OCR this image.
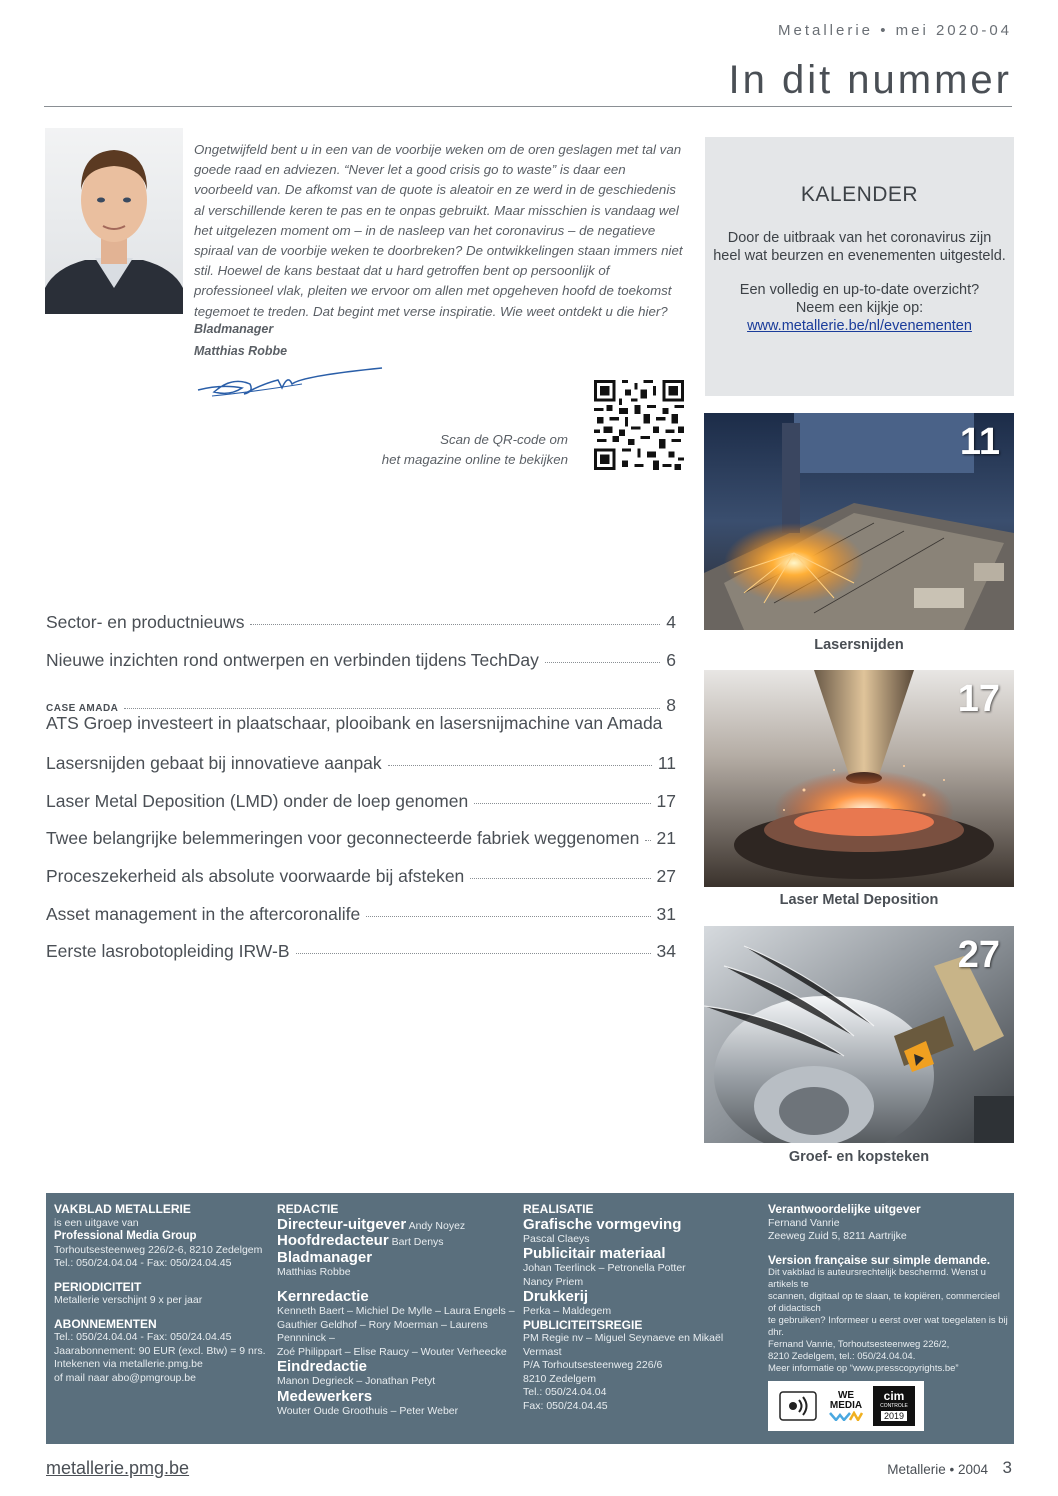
Metallerie • mei 2020-04
In dit nummer

Ongetwijfeld bent u in een van de voorbije weken om de oren geslagen met tal van goede raad en adviezen. “Never let a good crisis go to waste” is daar een voorbeeld van. De afkomst van de quote is aleatoir en ze werd in de geschiedenis al verschillende keren te pas en te onpas gebruikt. Maar misschien is vandaag wel het uitgelezen moment om – in de nasleep van het coronavirus – de negatieve spiraal van de voorbije weken te doorbreken? De ontwikkelingen staan immers niet stil. Hoewel de kans bestaat dat u hard getroffen bent op persoonlijk of professioneel vlak, pleiten we ervoor om allen met opgeheven hoofd de toekomst tegemoet te treden. Dat begint met verse inspiratie. Wie weet ontdekt u die hier?

Bladmanager
Matthias Robbe
Scan de QR-code om
het magazine online te bekijken
KALENDER
Door de uitbraak van het coronavirus zijn
heel wat beurzen en evenementen uitgesteld.
Een volledig en up-to-date overzicht?
Neem een kijkje op:
www.metallerie.be/nl/evenementen
11
Lasersnijden
17
Laser Metal Deposition
27
Groef- en kopsteken
Sector- en productnieuws	4
Nieuwe inzichten rond ontwerpen en verbinden tijdens TechDay	6
CASE AMADA	8
ATS Groep investeert in plaatschaar, plooibank en lasersnijmachine van Amada
Lasersnijden gebaat bij innovatieve aanpak	11
Laser Metal Deposition (LMD) onder de loep genomen	17
Twee belangrijke belemmeringen voor geconnecteerde fabriek weggenomen 21
Proceszekerheid als absolute voorwaarde bij afsteken	27
Asset management in the aftercoronalife	31
Eerste lasrobotopleiding IRW-B	34
VAKBLAD METALLERIE
is een uitgave van
Professional Media Group
Torhoutsesteenweg 226/2-6, 8210 Zedelgem
Tel.: 050/24.04.04 - Fax: 050/24.04.45
PERIODICITEIT
Metallerie verschijnt 9 x per jaar
ABONNEMENTEN
Tel.: 050/24.04.04 - Fax: 050/24.04.45
Jaarabonnement: 90 EUR (excl. Btw) = 9 nrs.
Intekenen via metallerie.pmg.be
of mail naar abo@pmgroup.be
REDACTIE
Directeur-uitgever Andy Noyez
Hoofdredacteur Bart Denys
Bladmanager
Matthias Robbe
Kernredactie
Kenneth Baert – Michiel De Mylle – Laura Engels –
Gauthier Geldhof – Rory Moerman – Laurens Pennninck –
Zoé Philippart – Elise Raucy – Wouter Verheecke
Eindredactie
Manon Degrieck – Jonathan Petyt
Medewerkers
Wouter Oude Groothuis – Peter Weber
REALISATIE
Grafische vormgeving
Pascal Claeys
Publicitair materiaal
Johan Teerlinck – Petronella Potter
Nancy Priem
Drukkerij
Perka – Maldegem
PUBLICITEITSREGIE
PM Regie nv – Miguel Seynaeve en Mikaël Vermast
P/A Torhoutsesteenweg 226/6
8210 Zedelgem
Tel.: 050/24.04.04
Fax: 050/24.04.45
Verantwoordelijke uitgever
Fernand Vanrie
Zeeweg Zuid 5, 8211 Aartrijke
Version française sur simple demande.
Dit vakblad is auteursrechtelijk beschermd. Wenst u artikels te
scannen, digitaal op te slaan, te kopiëren, commercieel of didactisch
te gebruiken? Informeer u eerst over wat toegelaten is bij dhr.
Fernand Vanrie, Torhoutsesteenweg 226/2,
8210 Zedelgem, tel.: 050/24.04.04.
Meer informatie op “www.presscopyrights.be”
WE
MEDIA
cim
CONTROLE
2019
metallerie.pmg.be	Metallerie • 2004 3
